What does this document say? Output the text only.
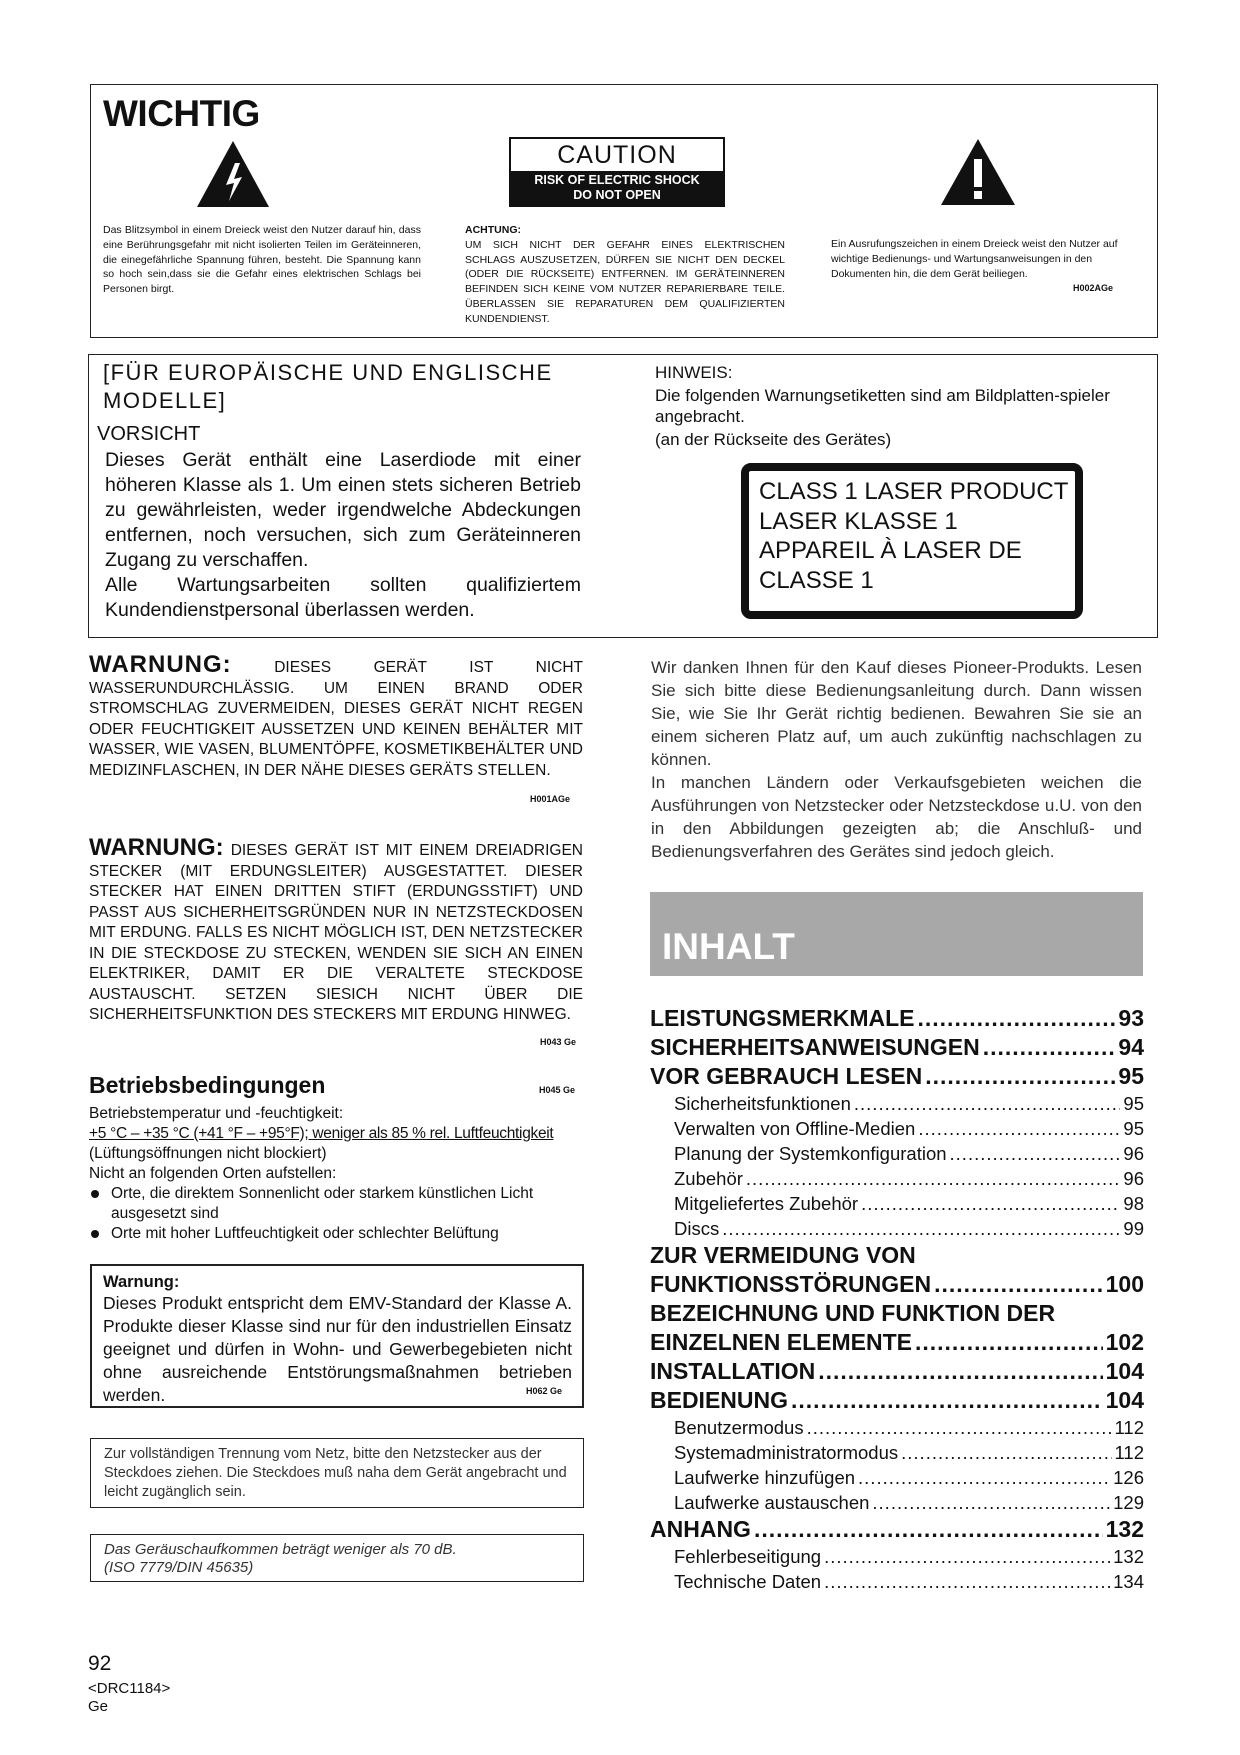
WICHTIG
CAUTION
RISK OF ELECTRIC SHOCK
DO NOT OPEN
Das Blitzsymbol in einem Dreieck weist den Nutzer darauf hin, dass eine Berührungsgefahr mit nicht isolierten Teilen im Geräteinneren, die einegefährliche Spannung führen, besteht. Die Spannung kann so hoch sein,dass sie die Gefahr eines elektrischen Schlags bei Personen birgt.
ACHTUNG:
UM SICH NICHT DER GEFAHR EINES ELEKTRISCHEN SCHLAGS AUSZUSETZEN, DÜRFEN SIE NICHT DEN DECKEL (ODER DIE RÜCKSEITE) ENTFERNEN. IM GERÄTEINNEREN BEFINDEN SICH KEINE VOM NUTZER REPARIERBARE TEILE. ÜBERLASSEN SIE REPARATUREN DEM QUALIFIZIERTEN KUNDENDIENST.
Ein Ausrufungszeichen in einem Dreieck weist den Nutzer auf wichtige Bedienungs- und Wartungsanweisungen in den Dokumenten hin, die dem Gerät beiliegen.
H002AGe
[FÜR EUROPÄISCHE UND ENGLISCHE MODELLE]
VORSICHT
Dieses Gerät enthält eine Laserdiode mit einer höheren Klasse als 1. Um einen stets sicheren Betrieb zu gewährleisten, weder irgendwelche Abdeckungen entfernen, noch versuchen, sich zum Geräteinneren Zugang zu verschaffen.
Alle Wartungsarbeiten sollten qualifiziertem Kundendienstpersonal überlassen werden.
HINWEIS:
Die folgenden Warnungsetiketten sind am Bildplatten-spieler angebracht.
(an der Rückseite des Gerätes)
CLASS 1 LASER PRODUCT
LASER KLASSE 1
APPAREIL À LASER DE
CLASSE 1
WARNUNG:	DIESES GERÄT IST NICHT WASSERUNDURCHLÄSSIG. UM EINEN BRAND ODER STROMSCHLAG ZUVERMEIDEN, DIESES GERÄT NICHT REGEN ODER FEUCHTIGKEIT AUSSETZEN UND KEINEN BEHÄLTER MIT WASSER, WIE VASEN, BLUMENTÖPFE, KOSMETIKBEHÄLTER UND MEDIZINFLASCHEN, IN DER NÄHE DIESES GERÄTS STELLEN.
H001AGe
WARNUNG: DIESES GERÄT IST MIT EINEM DREIADRIGEN STECKER (MIT ERDUNGSLEITER) AUSGESTATTET. DIESER STECKER HAT EINEN DRITTEN STIFT (ERDUNGSSTIFT) UND PASST AUS SICHERHEITSGRÜNDEN NUR IN NETZSTECKDOSEN MIT ERDUNG. FALLS ES NICHT MÖGLICH IST, DEN NETZSTECKER IN DIE STECKDOSE ZU STECKEN, WENDEN SIE SICH AN EINEN ELEKTRIKER, DAMIT ER DIE VERALTETE STECKDOSE AUSTAUSCHT. SETZEN SIESICH NICHT ÜBER DIE SICHERHEITSFUNKTION DES STECKERS MIT ERDUNG HINWEG.
H043 Ge
Betriebsbedingungen	H045 Ge
Betriebstemperatur und -feuchtigkeit:
+5 °C – +35 °C (+41 °F – +95°F); weniger als 85 % rel. Luftfeuchtigkeit
(Lüftungsöffnungen nicht blockiert)
Nicht an folgenden Orten aufstellen:
Orte, die direktem Sonnenlicht oder starkem künstlichen Licht ausgesetzt sind
Orte mit hoher Luftfeuchtigkeit oder schlechter Belüftung
Warnung:
Dieses Produkt entspricht dem EMV-Standard der Klasse A. Produkte dieser Klasse sind nur für den industriellen Einsatz geeignet und dürfen in Wohn- und Gewerbegebieten nicht ohne ausreichende Entstörungsmaßnahmen betrieben werden.	H062 Ge
Zur vollständigen Trennung vom Netz, bitte den Netzstecker aus der Steckdoes ziehen. Die Steckdoes muß naha dem Gerät angebracht und leicht zugänglich sein.
Das Geräuschaufkommen beträgt weniger als 70 dB.
(ISO 7779/DIN 45635)
Wir danken Ihnen für den Kauf dieses Pioneer-Produkts. Lesen Sie sich bitte diese Bedienungsanleitung durch. Dann wissen Sie, wie Sie Ihr Gerät richtig bedienen. Bewahren Sie sie an einem sicheren Platz auf, um auch zukünftig nachschlagen zu können.
In manchen Ländern oder Verkaufsgebieten weichen die Ausführungen von Netzstecker oder Netzsteckdose u.U. von den in den Abbildungen gezeigten ab; die Anschluß- und Bedienungsverfahren des Gerätes sind jedoch gleich.
INHALT
LEISTUNGSMERKMALE .....	93
SICHERHEITSANWEISUNGEN .....	94
VOR GEBRAUCH LESEN .....	95
Sicherheitsfunktionen .....	95
Verwalten von Offline-Medien .....	95
Planung der Systemkonfiguration .....	96
Zubehör .....	96
Mitgeliefertes Zubehör .....	98
Discs .....	99
ZUR VERMEIDUNG VON
FUNKTIONSSTÖRUNGEN .....	100
BEZEICHNUNG UND FUNKTION DER
EINZELNEN ELEMENTE .....	102
INSTALLATION .....	104
BEDIENUNG .....	104
Benutzermodus .....	112
Systemadministratormodus .....	112
Laufwerke hinzufügen .....	126
Laufwerke austauschen .....	129
ANHANG .....	132
Fehlerbeseitigung .....	132
Technische Daten .....	134
92
<DRC1184>
Ge
